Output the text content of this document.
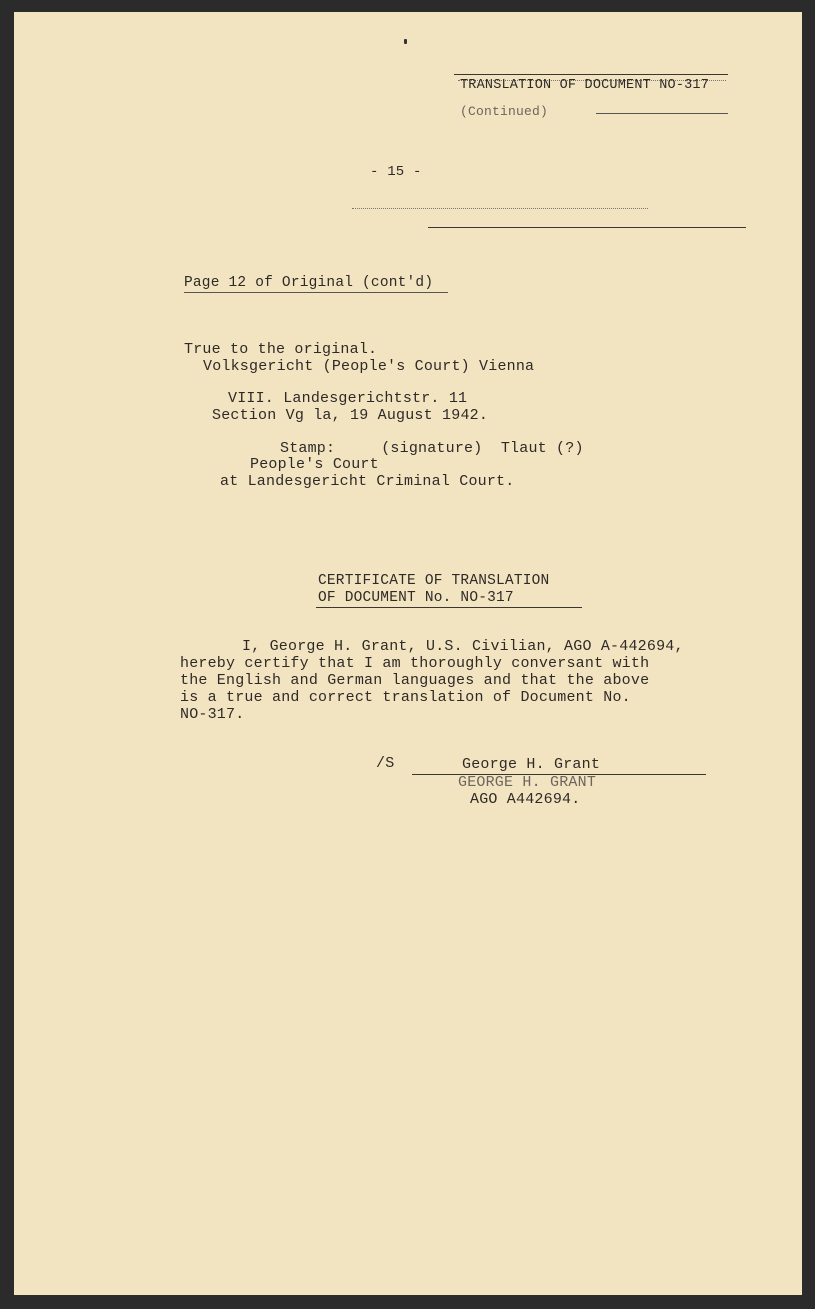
TRANSLATION OF DOCUMENT NO-317
(Continued)
- 15 -
Page 12 of Original (cont'd)
True to the original.
Volksgericht (People's Court) Vienna
VIII. Landesgerichtstr. 11
Section Vg la, 19 August 1942.
Stamp:     (signature)  Tlaut (?)
People's Court
at Landesgericht Criminal Court.
CERTIFICATE OF TRANSLATION
OF DOCUMENT No. NO-317
I, George H. Grant, U.S. Civilian, AGO A-442694,
hereby certify that I am thoroughly conversant with
the English and German languages and that the above
is a true and correct translation of Document No.
NO-317.
/S	George H. Grant
GEORGE H. GRANT
AGO A442694.
